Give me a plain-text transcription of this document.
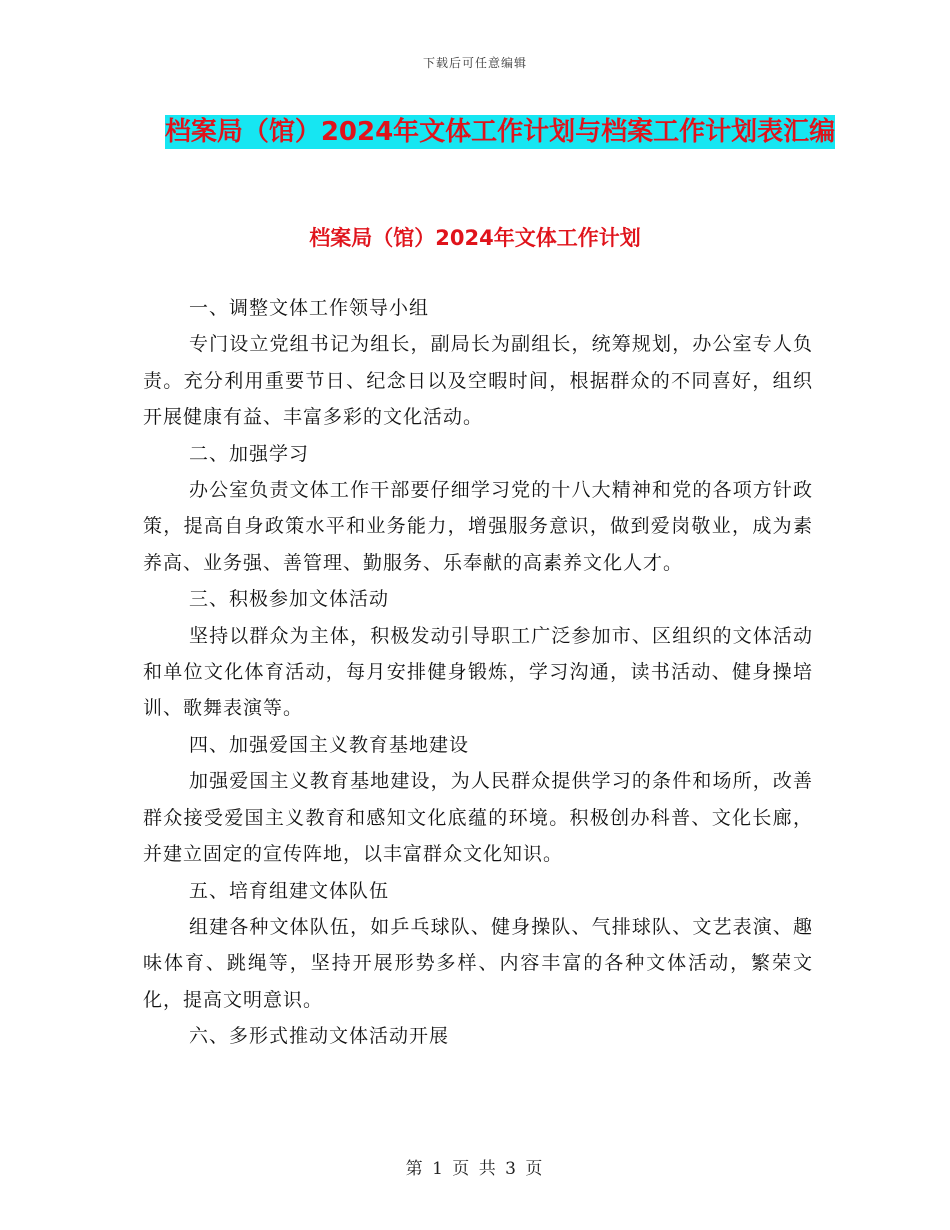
下载后可任意编辑
档案局（馆）2024年文体工作计划与档案工作计划表汇编
档案局（馆）2024年文体工作计划

一、调整文体工作领导小组

专门设立党组书记为组长，副局长为副组长，统筹规划，办公室专人负责。充分利用重要节日、纪念日以及空暇时间，根据群众的不同喜好，组织开展健康有益、丰富多彩的文化活动。

二、加强学习

办公室负责文体工作干部要仔细学习党的十八大精神和党的各项方针政策，提高自身政策水平和业务能力，增强服务意识，做到爱岗敬业，成为素养高、业务强、善管理、勤服务、乐奉献的高素养文化人才。

三、积极参加文体活动

坚持以群众为主体，积极发动引导职工广泛参加市、区组织的文体活动和单位文化体育活动，每月安排健身锻炼，学习沟通，读书活动、健身操培训、歌舞表演等。

四、加强爱国主义教育基地建设

加强爱国主义教育基地建设，为人民群众提供学习的条件和场所，改善群众接受爱国主义教育和感知文化底蕴的环境。积极创办科普、文化长廊，并建立固定的宣传阵地，以丰富群众文化知识。

五、培育组建文体队伍

组建各种文体队伍，如乒乓球队、健身操队、气排球队、文艺表演、趣味体育、跳绳等，坚持开展形势多样、内容丰富的各种文体活动，繁荣文化，提高文明意识。

六、多形式推动文体活动开展

第 1 页 共 3 页
